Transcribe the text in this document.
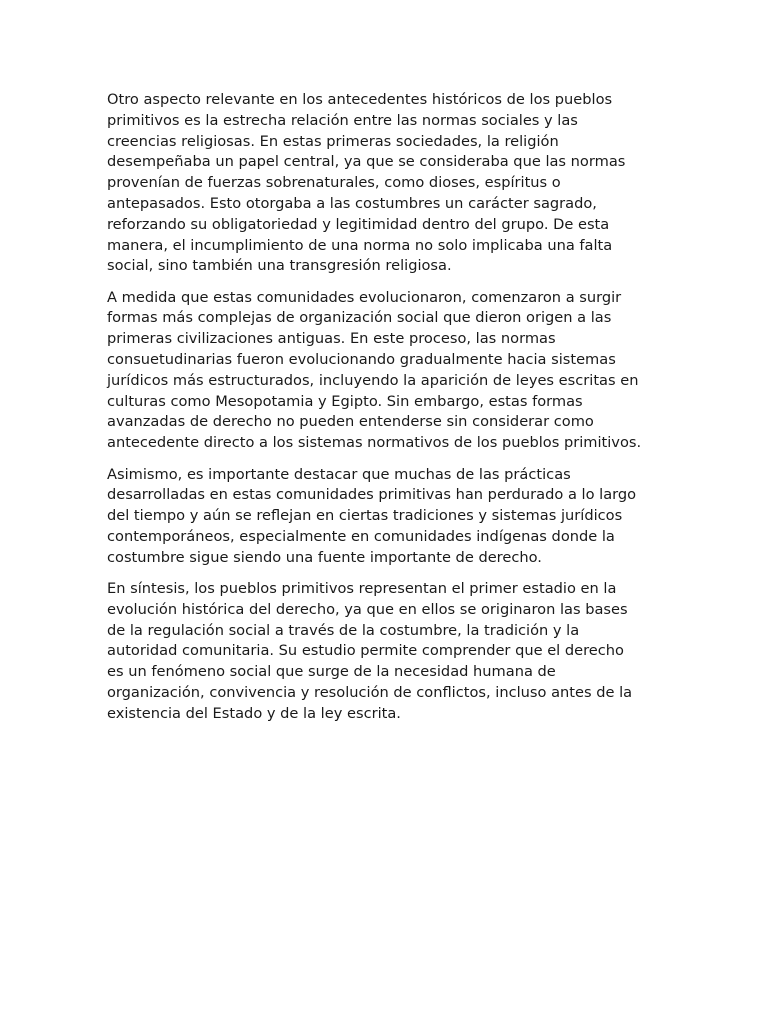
Otro aspecto relevante en los antecedentes históricos de los pueblos
primitivos es la estrecha relación entre las normas sociales y las
creencias religiosas. En estas primeras sociedades, la religión
desempeñaba un papel central, ya que se consideraba que las normas
provenían de fuerzas sobrenaturales, como dioses, espíritus o
antepasados. Esto otorgaba a las costumbres un carácter sagrado,
reforzando su obligatoriedad y legitimidad dentro del grupo. De esta
manera, el incumplimiento de una norma no solo implicaba una falta
social, sino también una transgresión religiosa.

A medida que estas comunidades evolucionaron, comenzaron a surgir
formas más complejas de organización social que dieron origen a las
primeras civilizaciones antiguas. En este proceso, las normas
consuetudinarias fueron evolucionando gradualmente hacia sistemas
jurídicos más estructurados, incluyendo la aparición de leyes escritas en
culturas como Mesopotamia y Egipto. Sin embargo, estas formas
avanzadas de derecho no pueden entenderse sin considerar como
antecedente directo a los sistemas normativos de los pueblos primitivos.

Asimismo, es importante destacar que muchas de las prácticas
desarrolladas en estas comunidades primitivas han perdurado a lo largo
del tiempo y aún se reflejan en ciertas tradiciones y sistemas jurídicos
contemporáneos, especialmente en comunidades indígenas donde la
costumbre sigue siendo una fuente importante de derecho.

En síntesis, los pueblos primitivos representan el primer estadio en la
evolución histórica del derecho, ya que en ellos se originaron las bases
de la regulación social a través de la costumbre, la tradición y la
autoridad comunitaria. Su estudio permite comprender que el derecho
es un fenómeno social que surge de la necesidad humana de
organización, convivencia y resolución de conflictos, incluso antes de la
existencia del Estado y de la ley escrita.
